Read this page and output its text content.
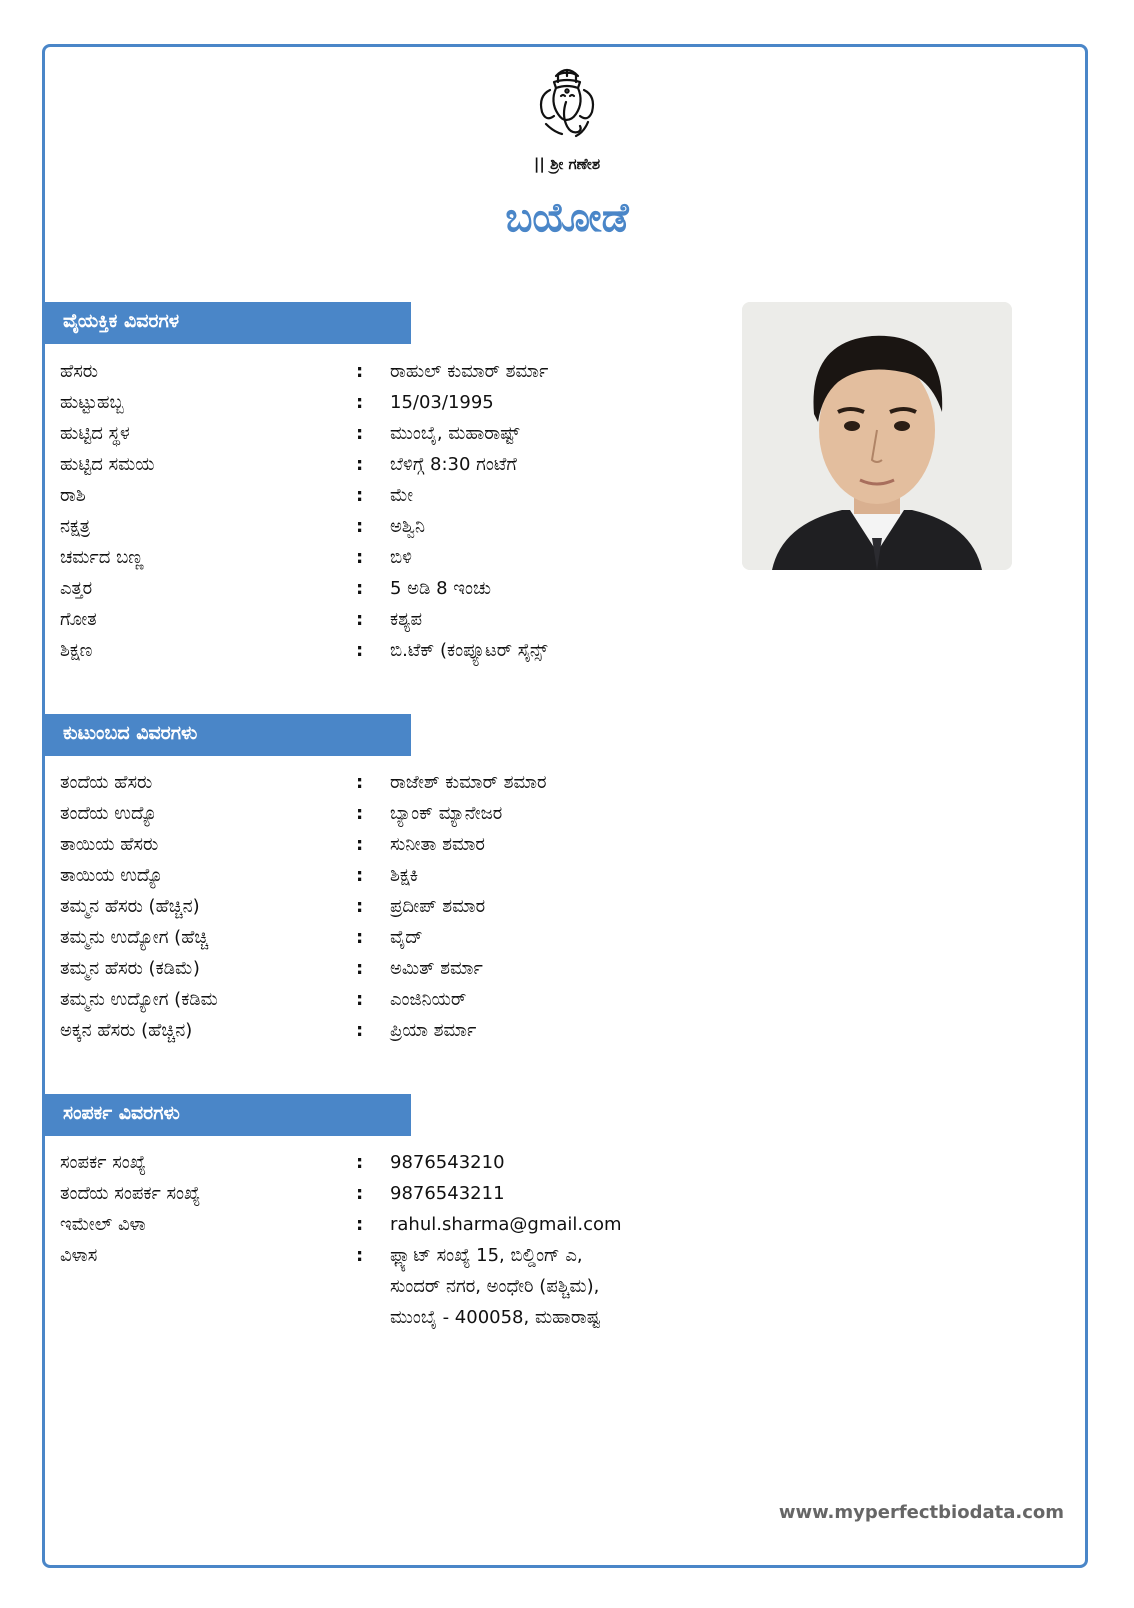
|| ಶ್ರೀ ಗಣೇಶ
ಬಯೋಡೆ
ವೈಯಕ್ತಿಕ ವಿವರಗಳ
ಹೆಸರು	:	ರಾಹುಲ್ ಕುಮಾರ್ ಶರ್ಮಾ
ಹುಟ್ಟುಹಬ್ಬ	:	15/03/1995
ಹುಟ್ಟಿದ ಸ್ಥಳ	:	ಮುಂಬೈ, ಮಹಾರಾಷ್ಟ್
ಹುಟ್ಟಿದ ಸಮಯ	:	ಬೆಳಿಗ್ಗೆ 8:30 ಗಂಟೆಗೆ
ರಾಶಿ	:	ಮೇ
ನಕ್ಷತ್ರ	:	ಅಶ್ವಿನಿ
ಚರ್ಮದ ಬಣ್ಣ	:	ಬಿಳಿ
ಎತ್ತರ	:	5 ಅಡಿ 8 ಇಂಚು
ಗೋತ	:	ಕಶ್ಯಪ
ಶಿಕ್ಷಣ	:	ಬಿ.ಟೆಕ್ (ಕಂಪ್ಯೂಟರ್ ಸೈನ್ಸ್
ಕುಟುಂಬದ ವಿವರಗಳು
ತಂದೆಯ ಹೆಸರು	:	ರಾಜೇಶ್ ಕುಮಾರ್ ಶಮಾರ
ತಂದೆಯ ಉದ್ಯೊ	:	ಬ್ಯಾಂಕ್ ಮ್ಯಾನೇಜರ
ತಾಯಿಯ ಹೆಸರು	:	ಸುನೀತಾ ಶಮಾರ
ತಾಯಿಯ ಉದ್ಯೊ	:	ಶಿಕ್ಷಕಿ
ತಮ್ಮನ ಹೆಸರು (ಹೆಚ್ಚಿನ)	:	ಪ್ರದೀಪ್ ಶಮಾರ
ತಮ್ಮನು ಉದ್ಯೋಗ (ಹೆಚ್ಚಿ	:	ವೈದ್
ತಮ್ಮನ ಹೆಸರು (ಕಡಿಮೆ)	:	ಅಮಿತ್ ಶರ್ಮಾ
ತಮ್ಮನು ಉದ್ಯೋಗ (ಕಡಿಮ	:	ಎಂಜಿನಿಯರ್
ಅಕ್ಕನ ಹೆಸರು (ಹೆಚ್ಚಿನ)	:	ಪ್ರಿಯಾ ಶರ್ಮಾ
ಸಂಪರ್ಕ ವಿವರಗಳು
ಸಂಪರ್ಕ ಸಂಖ್ಯೆ	:	9876543210
ತಂದೆಯ ಸಂಪರ್ಕ ಸಂಖ್ಯೆ	:	9876543211
ಇಮೇಲ್ ವಿಳಾ	:	rahul.sharma@gmail.com
ವಿಳಾಸ	:	ಫ್ಲ್ಯಾಟ್ ಸಂಖ್ಯೆ 15, ಬಿಲ್ಡಿಂಗ್ ಎ,
ಸುಂದರ್ ನಗರ, ಅಂಧೇರಿ (ಪಶ್ಚಿಮ),
ಮುಂಬೈ - 400058, ಮಹಾರಾಷ್ಟ
www.myperfectbiodata.com
